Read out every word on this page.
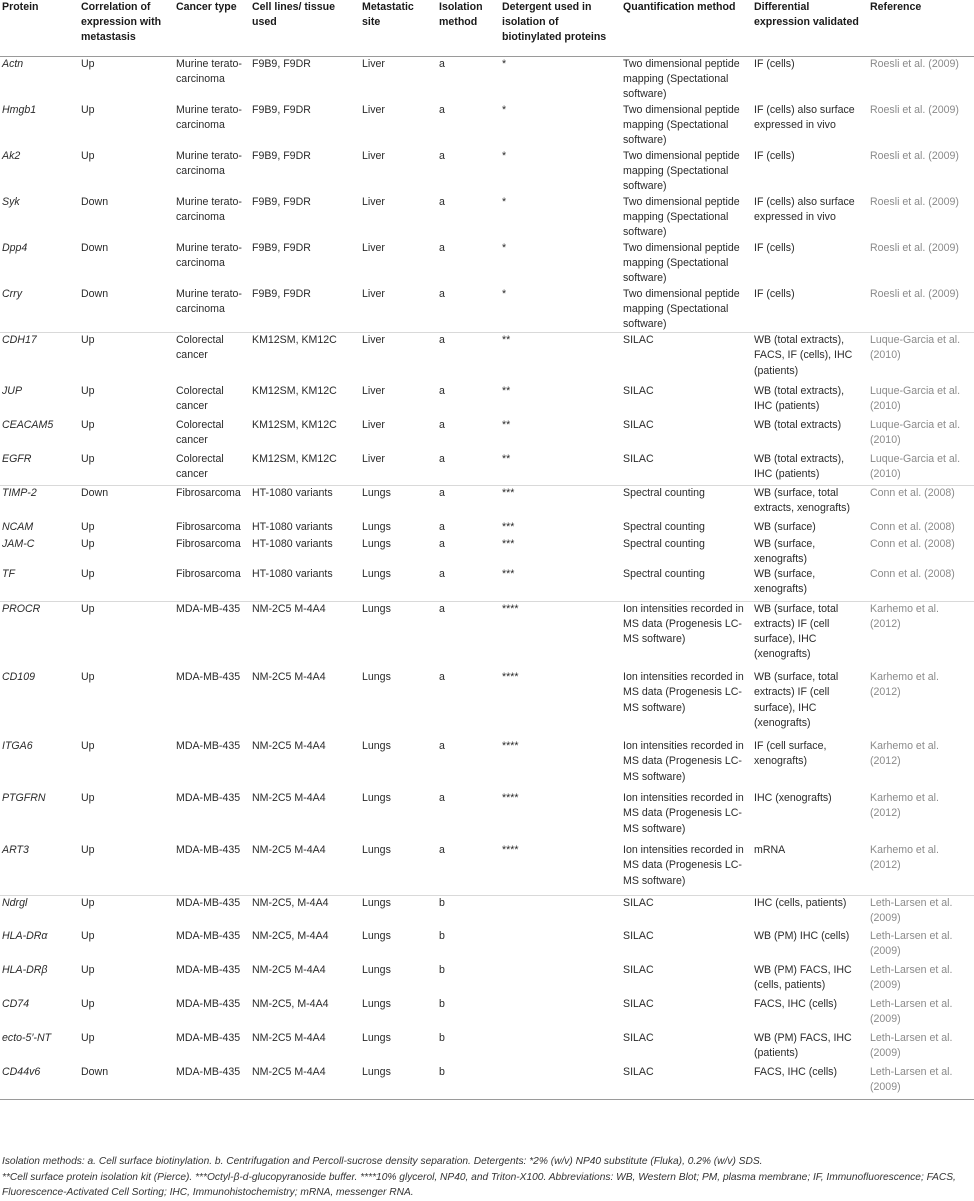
Protein	Correlation of expression with metastasis	Cancer type	Cell lines/ tissue used	Metastatic site	Isolation method	Detergent used in isolation of biotinylated proteins	Quantification method	Differential expression validated	Reference
Actn	Up	Murine terato-carcinoma	F9B9, F9DR	Liver	a	*	Two dimensional peptide mapping (Spectational software)	IF (cells)	Roesli et al. (2009)
Hmgb1	Up	Murine terato-carcinoma	F9B9, F9DR	Liver	a	*	Two dimensional peptide mapping (Spectational software)	IF (cells) also surface expressed in vivo	Roesli et al. (2009)
Ak2	Up	Murine terato-carcinoma	F9B9, F9DR	Liver	a	*	Two dimensional peptide mapping (Spectational software)	IF (cells)	Roesli et al. (2009)
Syk	Down	Murine terato-carcinoma	F9B9, F9DR	Liver	a	*	Two dimensional peptide mapping (Spectational software)	IF (cells) also surface expressed in vivo	Roesli et al. (2009)
Dpp4	Down	Murine terato-carcinoma	F9B9, F9DR	Liver	a	*	Two dimensional peptide mapping (Spectational software)	IF (cells)	Roesli et al. (2009)
Crry	Down	Murine terato-carcinoma	F9B9, F9DR	Liver	a	*	Two dimensional peptide mapping (Spectational software)	IF (cells)	Roesli et al. (2009)
CDH17	Up	Colorectal cancer	KM12SM, KM12C	Liver	a	**	SILAC	WB (total extracts), FACS, IF (cells), IHC (patients)	Luque-Garcia et al. (2010)
JUP	Up	Colorectal cancer	KM12SM, KM12C	Liver	a	**	SILAC	WB (total extracts), IHC (patients)	Luque-Garcia et al. (2010)
CEACAM5	Up	Colorectal cancer	KM12SM, KM12C	Liver	a	**	SILAC	WB (total extracts)	Luque-Garcia et al. (2010)
EGFR	Up	Colorectal cancer	KM12SM, KM12C	Liver	a	**	SILAC	WB (total extracts), IHC (patients)	Luque-Garcia et al. (2010)
TIMP-2	Down	Fibrosarcoma	HT-1080 variants	Lungs	a	***	Spectral counting	WB (surface, total extracts, xenografts)	Conn et al. (2008)
NCAM	Up	Fibrosarcoma	HT-1080 variants	Lungs	a	***	Spectral counting	WB (surface)	Conn et al. (2008)
JAM-C	Up	Fibrosarcoma	HT-1080 variants	Lungs	a	***	Spectral counting	WB (surface, xenografts)	Conn et al. (2008)
TF	Up	Fibrosarcoma	HT-1080 variants	Lungs	a	***	Spectral counting	WB (surface, xenografts)	Conn et al. (2008)
PROCR	Up	MDA-MB-435	NM-2C5 M-4A4	Lungs	a	****	Ion intensities recorded in MS data (Progenesis LC-MS software)	WB (surface, total extracts) IF (cell surface), IHC (xenografts)	Karhemo et al. (2012)
CD109	Up	MDA-MB-435	NM-2C5 M-4A4	Lungs	a	****	Ion intensities recorded in MS data (Progenesis LC-MS software)	WB (surface, total extracts) IF (cell surface), IHC (xenografts)	Karhemo et al. (2012)
ITGA6	Up	MDA-MB-435	NM-2C5 M-4A4	Lungs	a	****	Ion intensities recorded in MS data (Progenesis LC-MS software)	IF (cell surface, xenografts)	Karhemo et al. (2012)
PTGFRN	Up	MDA-MB-435	NM-2C5 M-4A4	Lungs	a	****	Ion intensities recorded in MS data (Progenesis LC-MS software)	IHC (xenografts)	Karhemo et al. (2012)
ART3	Up	MDA-MB-435	NM-2C5 M-4A4	Lungs	a	****	Ion intensities recorded in MS data (Progenesis LC-MS software)	mRNA	Karhemo et al. (2012)
Ndrgl	Up	MDA-MB-435	NM-2C5, M-4A4	Lungs	b		SILAC	IHC (cells, patients)	Leth-Larsen et al. (2009)
HLA-DRα	Up	MDA-MB-435	NM-2C5, M-4A4	Lungs	b		SILAC	WB (PM) IHC (cells)	Leth-Larsen et al. (2009)
HLA-DRβ	Up	MDA-MB-435	NM-2C5 M-4A4	Lungs	b		SILAC	WB (PM) FACS, IHC (cells, patients)	Leth-Larsen et al. (2009)
CD74	Up	MDA-MB-435	NM-2C5, M-4A4	Lungs	b		SILAC	FACS, IHC (cells)	Leth-Larsen et al. (2009)
ecto-5′-NT	Up	MDA-MB-435	NM-2C5 M-4A4	Lungs	b		SILAC	WB (PM) FACS, IHC (patients)	Leth-Larsen et al. (2009)
CD44v6	Down	MDA-MB-435	NM-2C5 M-4A4	Lungs	b		SILAC	FACS, IHC (cells)	Leth-Larsen et al. (2009)

Isolation methods: a. Cell surface biotinylation. b. Centrifugation and Percoll-sucrose density separation. Detergents: *2% (w/v) NP40 substitute (Fluka), 0.2% (w/v) SDS.

**Cell surface protein isolation kit (Pierce). ***Octyl-β-d-glucopyranoside buffer. ****10% glycerol, NP40, and Triton-X100. Abbreviations: WB, Western Blot; PM, plasma membrane; IF, Immunofluorescence; FACS,

Fluorescence-Activated Cell Sorting; IHC, Immunohistochemistry; mRNA, messenger RNA.
